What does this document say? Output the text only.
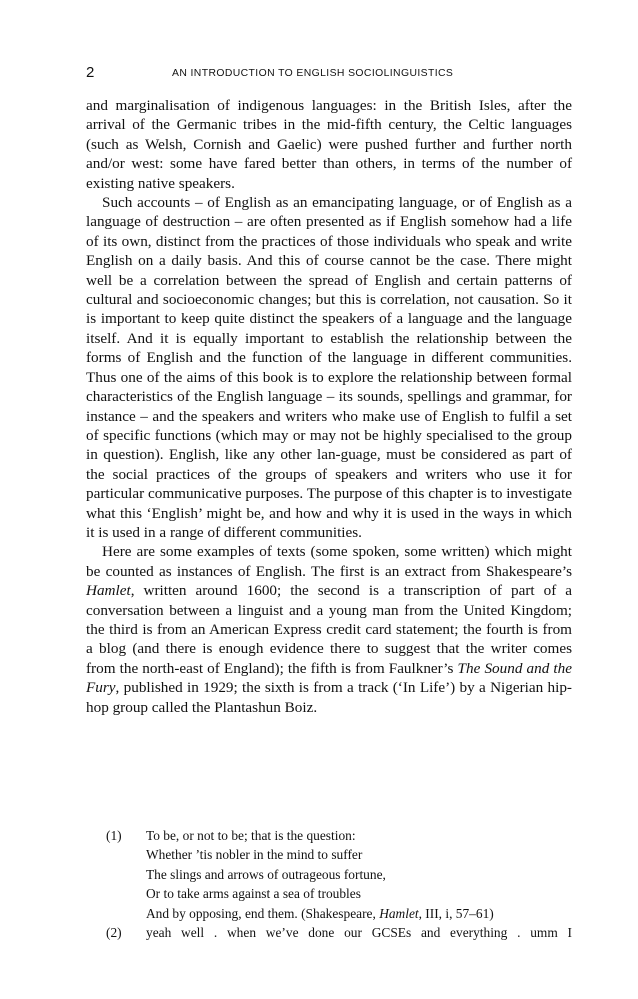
2	AN INTRODUCTION TO ENGLISH SOCIOLINGUISTICS

and marginalisation of indigenous languages: in the British Isles, after the arrival of the Germanic tribes in the mid-fifth century, the Celtic languages (such as Welsh, Cornish and Gaelic) were pushed further and further north and/or west: some have fared better than others, in terms of the number of existing native speakers.

Such accounts – of English as an emancipating language, or of English as a language of destruction – are often presented as if English somehow had a life of its own, distinct from the practices of those individuals who speak and write English on a daily basis. And this of course cannot be the case. There might well be a correlation between the spread of English and certain patterns of cultural and socioeconomic changes; but this is correlation, not causation. So it is important to keep quite distinct the speakers of a language and the language itself. And it is equally important to establish the relationship between the forms of English and the function of the language in different communities. Thus one of the aims of this book is to explore the relationship between formal characteristics of the English language – its sounds, spellings and grammar, for instance – and the speakers and writers who make use of English to fulfil a set of specific functions (which may or may not be highly specialised to the group in question). English, like any other lan-guage, must be considered as part of the social practices of the groups of speakers and writers who use it for particular communicative purposes. The purpose of this chapter is to investigate what this ‘English’ might be, and how and why it is used in the ways in which it is used in a range of different communities.

Here are some examples of texts (some spoken, some written) which might be counted as instances of English. The first is an extract from Shakespeare’s Hamlet, written around 1600; the second is a transcription of part of a conversation between a linguist and a young man from the United Kingdom; the third is from an American Express credit card statement; the fourth is from a blog (and there is enough evidence there to suggest that the writer comes from the north-east of England); the fifth is from Faulkner’s The Sound and the Fury, published in 1929; the sixth is from a track (‘In Life’) by a Nigerian hip-hop group called the Plantashun Boiz.

(1) To be, or not to be; that is the question:
Whether ’tis nobler in the mind to suffer
The slings and arrows of outrageous fortune,
Or to take arms against a sea of troubles
And by opposing, end them. (Shakespeare, Hamlet, III, i, 57–61)
(2) yeah well . when we’ve done our GCSEs and everything . umm I
